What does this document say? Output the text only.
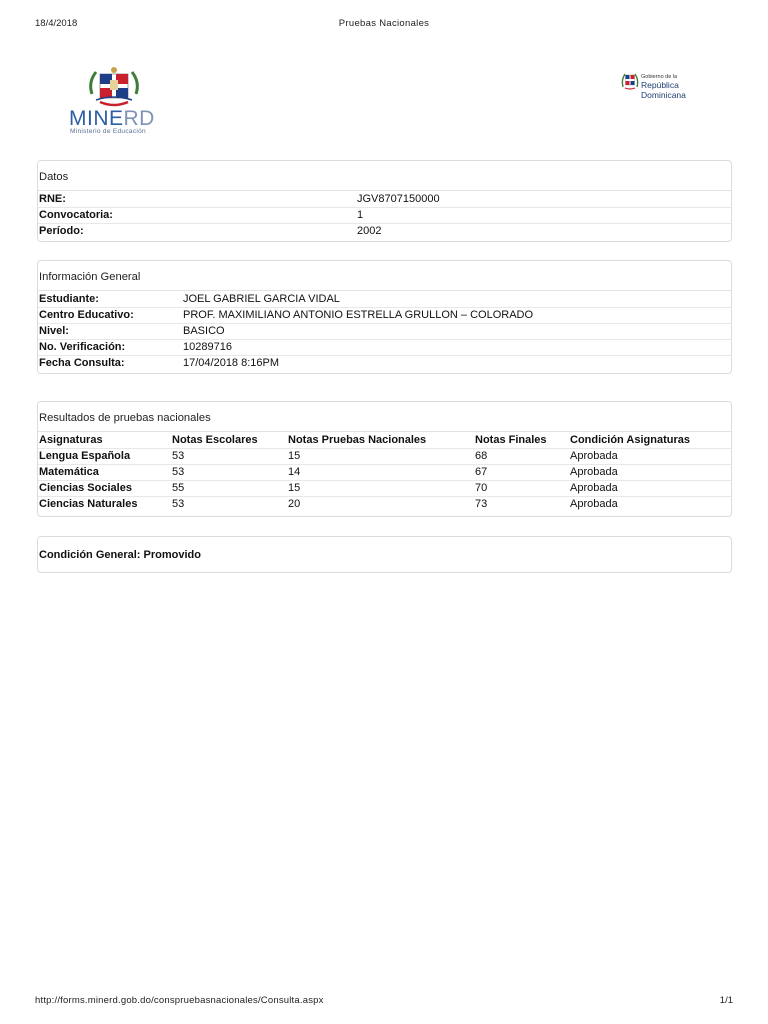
18/4/2018	Pruebas Nacionales
MINERD
Ministerio de Educación
Gobierno de la
República Dominicana
Datos
RNE:	JGV8707150000
Convocatoria:	1
Período:	2002
Información General
Estudiante:	JOEL GABRIEL GARCIA VIDAL
Centro Educativo:	PROF. MAXIMILIANO ANTONIO ESTRELLA GRULLON – COLORADO
Nivel:	BASICO
No. Verificación:	10289716
Fecha Consulta:	17/04/2018 8:16PM
Resultados de pruebas nacionales
Asignaturas	Notas Escolares	Notas Pruebas Nacionales	Notas Finales	Condición Asignaturas
Lengua Española	53	15	68	Aprobada
Matemática	53	14	67	Aprobada
Ciencias Sociales	55	15	70	Aprobada
Ciencias Naturales	53	20	73	Aprobada
Condición General: Promovido
http://forms.minerd.gob.do/conspruebasnacionales/Consulta.aspx	1/1
